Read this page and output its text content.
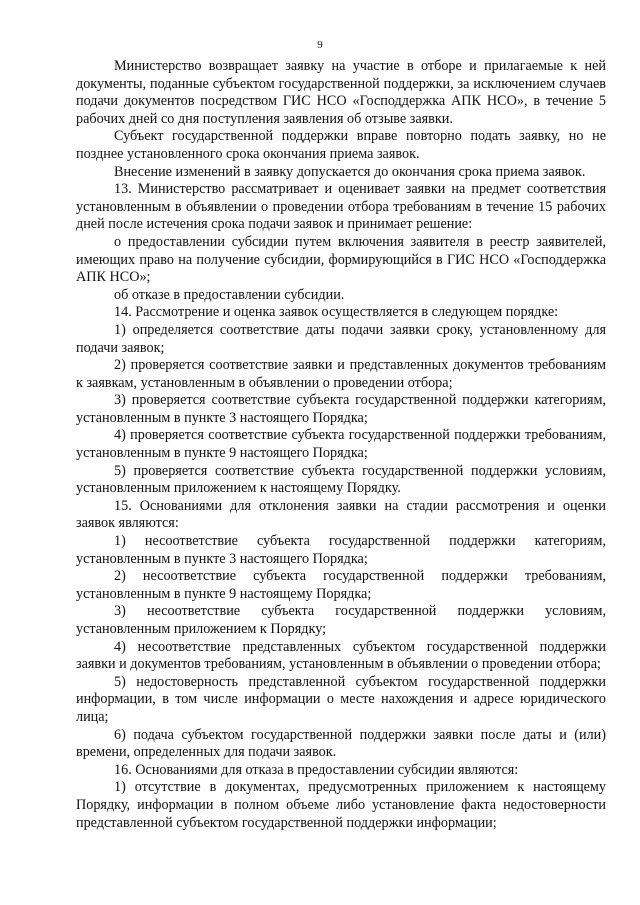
9

Министерство возвращает заявку на участие в отборе и прилагаемые к ней документы, поданные субъектом государственной поддержки, за исключением случаев подачи документов посредством ГИС НСО «Господдержка АПК НСО», в течение 5 рабочих дней со дня поступления заявления об отзыве заявки.

Субъект государственной поддержки вправе повторно подать заявку, но не позднее установленного срока окончания приема заявок.

Внесение изменений в заявку допускается до окончания срока приема заявок.

13. Министерство рассматривает и оценивает заявки на предмет соответствия установленным в объявлении о проведении отбора требованиям в течение 15 рабочих дней после истечения срока подачи заявок и принимает решение:

о предоставлении субсидии путем включения заявителя в реестр заявителей, имеющих право на получение субсидии, формирующийся в ГИС НСО «Господдержка АПК НСО»;

об отказе в предоставлении субсидии.

14. Рассмотрение и оценка заявок осуществляется в следующем порядке:

1) определяется соответствие даты подачи заявки сроку, установленному для подачи заявок;

2) проверяется соответствие заявки и представленных документов требованиям к заявкам, установленным в объявлении о проведении отбора;

3) проверяется соответствие субъекта государственной поддержки категориям, установленным в пункте 3 настоящего Порядка;

4) проверяется соответствие субъекта государственной поддержки требованиям, установленным в пункте 9 настоящего Порядка;

5) проверяется соответствие субъекта государственной поддержки условиям, установленным приложением к настоящему Порядку.

15. Основаниями для отклонения заявки на стадии рассмотрения и оценки заявок являются:

1) несоответствие субъекта государственной поддержки категориям, установленным в пункте 3 настоящего Порядка;

2) несоответствие субъекта государственной поддержки требованиям, установленным в пункте 9 настоящему Порядка;

3) несоответствие субъекта государственной поддержки условиям, установленным приложением к Порядку;

4) несоответствие представленных субъектом государственной поддержки заявки и документов требованиям, установленным в объявлении о проведении отбора;

5) недостоверность представленной субъектом государственной поддержки информации, в том числе информации о месте нахождения и адресе юридического лица;

6) подача субъектом государственной поддержки заявки после даты и (или) времени, определенных для подачи заявок.

16. Основаниями для отказа в предоставлении субсидии являются:

1) отсутствие в документах, предусмотренных приложением к настоящему Порядку, информации в полном объеме либо установление факта недостоверности представленной субъектом государственной поддержки информации;
